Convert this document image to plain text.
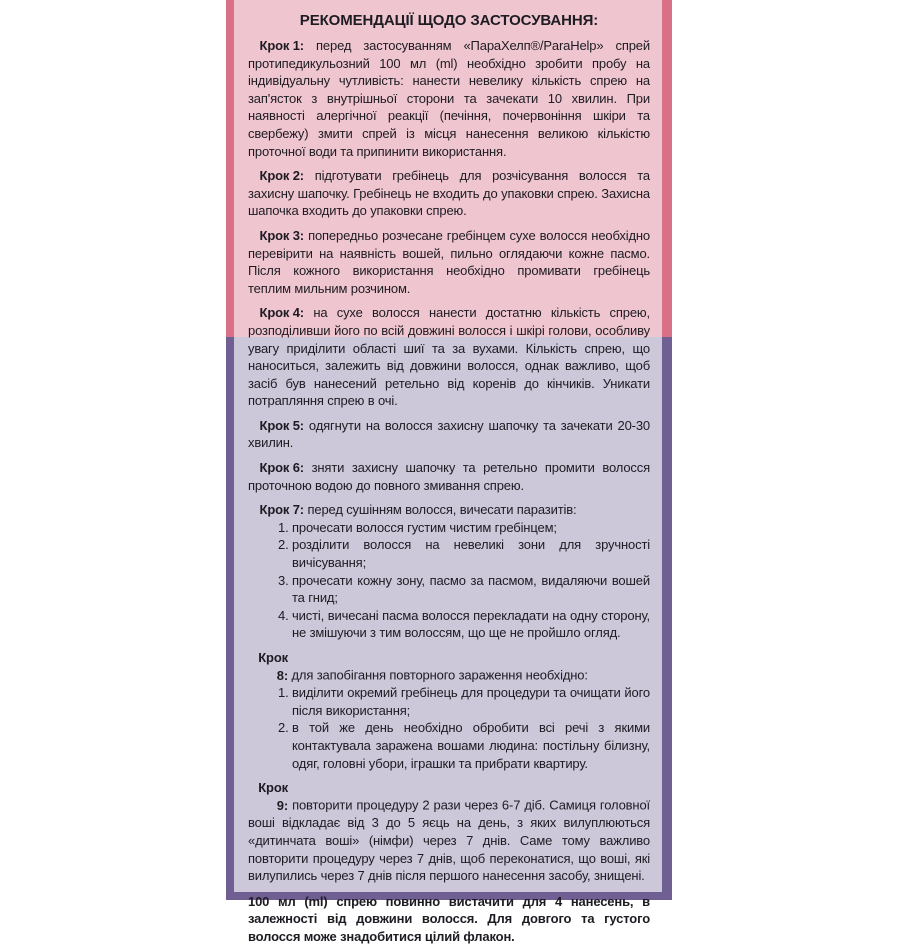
РЕКОМЕНДАЦІЇ ЩОДО ЗАСТОСУВАННЯ:
Крок 1: перед застосуванням «ПараХелп®/ParaHelp» спрей протипедикульозний 100 мл (ml) необхідно зробити пробу на індивідуальну чутливість: нанести невелику кількість спрею на зап'ясток з внутрішньої сторони та зачекати 10 хвилин. При наявності алергічної реакції (печіння, почервоніння шкіри та свербежу) змити спрей із місця нанесення великою кількістю проточної води та припинити використання.
Крок 2: підготувати гребінець для розчісування волосся та захисну шапочку. Гребінець не входить до упаковки спрею. Захисна шапочка входить до упаковки спрею.
Крок 3: попередньо розчесане гребінцем сухе волосся необхідно перевірити на наявність вошей, пильно оглядаючи кожне пасмо. Після кожного використання необхідно промивати гребінець теплим мильним розчином.
Крок 4: на сухе волосся нанести достатню кількість спрею, розподіливши його по всій довжині волосся і шкірі голови, особливу увагу приділити області шиї та за вухами. Кількість спрею, що наноситься, залежить від довжини волосся, однак важливо, щоб засіб був нанесений ретельно від коренів до кінчиків. Уникати потрапляння спрею в очі.
Крок 5: одягнути на волосся захисну шапочку та зачекати 20-30 хвилин.
Крок 6: зняти захисну шапочку та ретельно промити волосся проточною водою до повного змивання спрею.
Крок 7: перед сушінням волосся, вичесати паразитів:
1. прочесати волосся густим чистим гребінцем;
2. розділити волосся на невеликі зони для зручності вичісування;
3. прочесати кожну зону, пасмо за пасмом, видаляючи вошей та гнид;
4. чисті, вичесані пасма волосся перекладати на одну сторону, не змішуючи з тим волоссям, що ще не пройшло огляд.
Крок 8: для запобігання повторного зараження необхідно:
1. виділити окремий гребінець для процедури та очищати його після використання;
2. в той же день необхідно обробити всі речі з якими контактувала заражена вошами людина: постільну білизну, одяг, головні убори, іграшки та прибрати квартиру.
Крок 9: повторити процедуру 2 рази через 6-7 діб. Самиця головної воші відкладає від 3 до 5 яєць на день, з яких вилуплюються «дитинчата воші» (німфи) через 7 днів. Саме тому важливо повторити процедуру через 7 днів, щоб переконатися, що воші, які вилупились через 7 днів після першого нанесення засобу, знищені.
100 мл (ml) спрею повинно вистачити для 4 нанесень, в залежності від довжини волосся. Для довгого та густого волосся може знадобитися цілий флакон.
